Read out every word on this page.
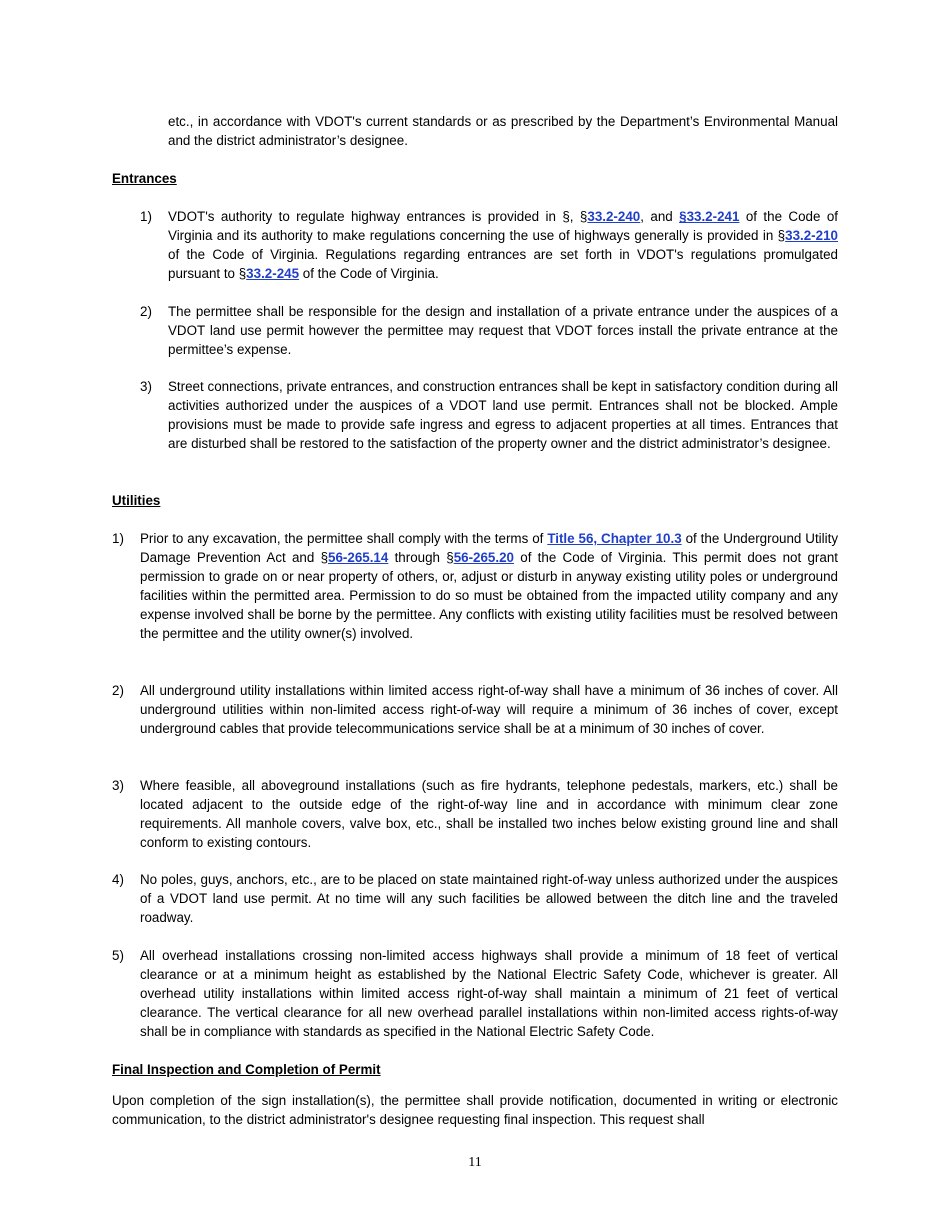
etc., in accordance with VDOT's current standards or as prescribed by the Department’s Environmental Manual and the district administrator’s designee.

Entrances

1) VDOT's authority to regulate highway entrances is provided in §, §33.2-240, and §33.2-241 of the Code of Virginia and its authority to make regulations concerning the use of highways generally is provided in §33.2-210 of the Code of Virginia. Regulations regarding entrances are set forth in VDOT's regulations promulgated pursuant to §33.2-245 of the Code of Virginia.

2) The permittee shall be responsible for the design and installation of a private entrance under the auspices of a VDOT land use permit however the permittee may request that VDOT forces install the private entrance at the permittee’s expense.

3) Street connections, private entrances, and construction entrances shall be kept in satisfactory condition during all activities authorized under the auspices of a VDOT land use permit. Entrances shall not be blocked. Ample provisions must be made to provide safe ingress and egress to adjacent properties at all times. Entrances that are disturbed shall be restored to the satisfaction of the property owner and the district administrator’s designee.

Utilities

1) Prior to any excavation, the permittee shall comply with the terms of Title 56, Chapter 10.3 of the Underground Utility Damage Prevention Act and §56-265.14 through §56-265.20 of the Code of Virginia. This permit does not grant permission to grade on or near property of others, or, adjust or disturb in anyway existing utility poles or underground facilities within the permitted area. Permission to do so must be obtained from the impacted utility company and any expense involved shall be borne by the permittee. Any conflicts with existing utility facilities must be resolved between the permittee and the utility owner(s) involved.

2) All underground utility installations within limited access right-of-way shall have a minimum of 36 inches of cover. All underground utilities within non-limited access right-of-way will require a minimum of 36 inches of cover, except underground cables that provide telecommunications service shall be at a minimum of 30 inches of cover.

3) Where feasible, all aboveground installations (such as fire hydrants, telephone pedestals, markers, etc.) shall be located adjacent to the outside edge of the right-of-way line and in accordance with minimum clear zone requirements. All manhole covers, valve box, etc., shall be installed two inches below existing ground line and shall conform to existing contours.

4) No poles, guys, anchors, etc., are to be placed on state maintained right-of-way unless authorized under the auspices of a VDOT land use permit. At no time will any such facilities be allowed between the ditch line and the traveled roadway.

5) All overhead installations crossing non-limited access highways shall provide a minimum of 18 feet of vertical clearance or at a minimum height as established by the National Electric Safety Code, whichever is greater. All overhead utility installations within limited access right-of-way shall maintain a minimum of 21 feet of vertical clearance. The vertical clearance for all new overhead parallel installations within non-limited access rights-of-way shall be in compliance with standards as specified in the National Electric Safety Code.

Final Inspection and Completion of Permit

Upon completion of the sign installation(s), the permittee shall provide notification, documented in writing or electronic communication, to the district administrator's designee requesting final inspection. This request shall

11
